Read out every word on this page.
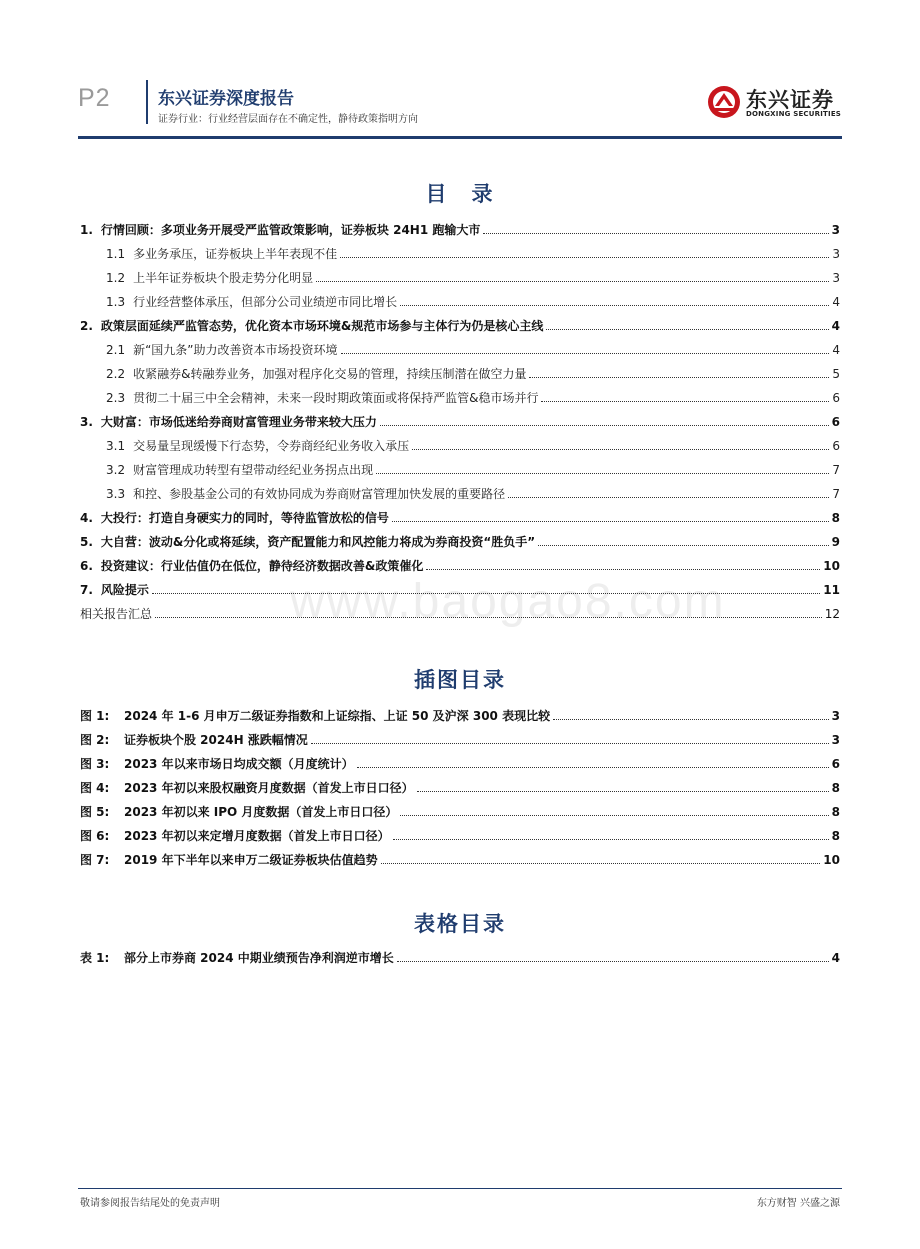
P2	东兴证券深度报告
证券行业：行业经营层面存在不确定性，静待政策指明方向
东兴证券
DONGXING SECURITIES
www.baogao8.com
目　录
1. 行情回顾：多项业务开展受严监管政策影响，证券板块 24H1 跑输大市	3
1.1 多业务承压，证券板块上半年表现不佳	3
1.2 上半年证券板块个股走势分化明显	3
1.3 行业经营整体承压，但部分公司业绩逆市同比增长	4
2. 政策层面延续严监管态势，优化资本市场环境&规范市场参与主体行为仍是核心主线	4
2.1 新“国九条”助力改善资本市场投资环境	4
2.2 收紧融券&转融券业务，加强对程序化交易的管理，持续压制潜在做空力量	5
2.3 贯彻二十届三中全会精神，未来一段时期政策面或将保持严监管&稳市场并行	6
3. 大财富：市场低迷给券商财富管理业务带来较大压力	6
3.1 交易量呈现缓慢下行态势，令券商经纪业务收入承压	6
3.2 财富管理成功转型有望带动经纪业务拐点出现	7
3.3 和控、参股基金公司的有效协同成为券商财富管理加快发展的重要路径	7
4. 大投行：打造自身硬实力的同时，等待监管放松的信号	8
5. 大自营：波动&分化或将延续，资产配置能力和风控能力将成为券商投资“胜负手”	9
6. 投资建议：行业估值仍在低位，静待经济数据改善&政策催化	10
7. 风险提示	11
相关报告汇总	12
插图目录
图 1: 2024 年 1-6 月申万二级证券指数和上证综指、上证 50 及沪深 300 表现比较	3
图 2: 证券板块个股 2024H 涨跌幅情况	3
图 3: 2023 年以来市场日均成交额（月度统计）	6
图 4: 2023 年初以来股权融资月度数据（首发上市日口径）	8
图 5: 2023 年初以来 IPO 月度数据（首发上市日口径）	8
图 6: 2023 年初以来定增月度数据（首发上市日口径）	8
图 7: 2019 年下半年以来申万二级证券板块估值趋势	10
表格目录
表 1: 部分上市券商 2024 中期业绩预告净利润逆市增长	4
敬请参阅报告结尾处的免责声明	东方财智 兴盛之源
